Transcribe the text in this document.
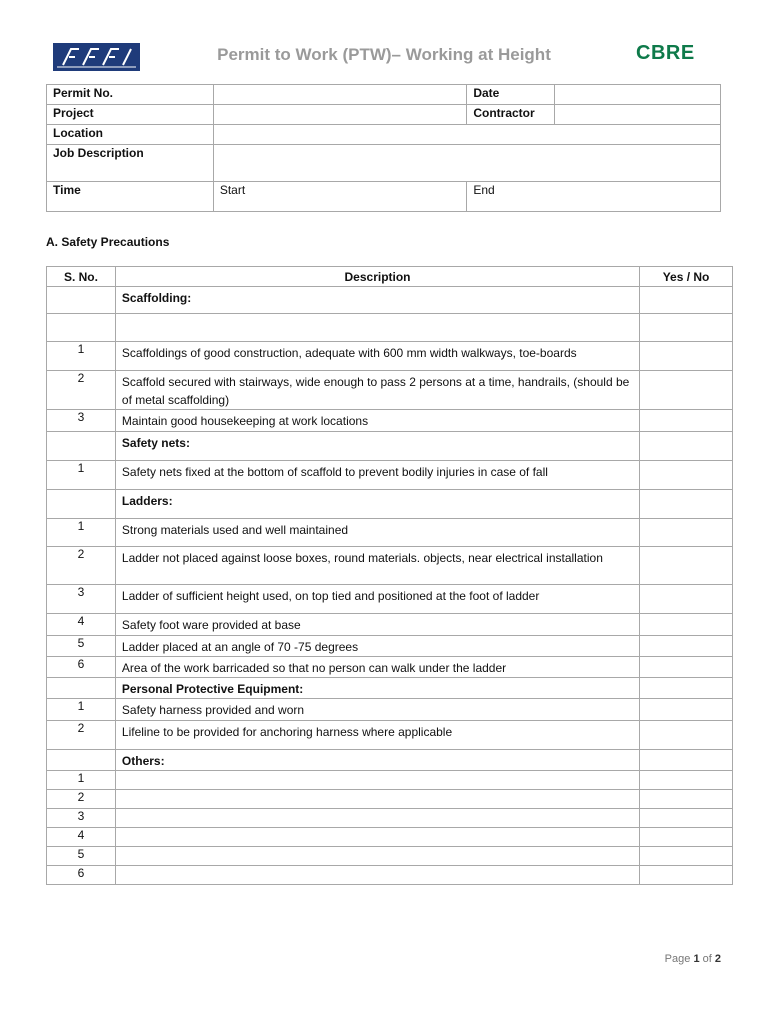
Permit to Work (PTW)– Working at Height	CBRE
Permit No.		Date	
Project		Contractor	
Location			
Job Description			
Time	Start	End	
A. Safety Precautions
S. No.	Description	Yes / No
	Scaffolding:	

1	Scaffoldings of good construction, adequate with 600 mm width walkways, toe-boards	
2	Scaffold secured with stairways, wide enough to pass 2 persons at a time, handrails, (should be of metal scaffolding)	
3	Maintain good housekeeping at work locations	
	Safety nets:	
1	Safety nets fixed at the bottom of scaffold to prevent bodily injuries in case of fall	
	Ladders:	
1	Strong materials used and well maintained	
2	Ladder not placed against loose boxes, round materials. objects, near electrical installation	
3	Ladder of sufficient height used, on top tied and positioned at the foot of ladder	
4	Safety foot ware provided at base	
5	Ladder placed at an angle of 70 -75 degrees	
6	Area of the work barricaded so that no person can walk under the ladder	
	Personal Protective Equipment:	
1	Safety harness provided and worn	
2	Lifeline to be provided for anchoring harness where applicable	
	Others:	
1		
2		
3		
4		
5		
6		
Page 1 of 2
